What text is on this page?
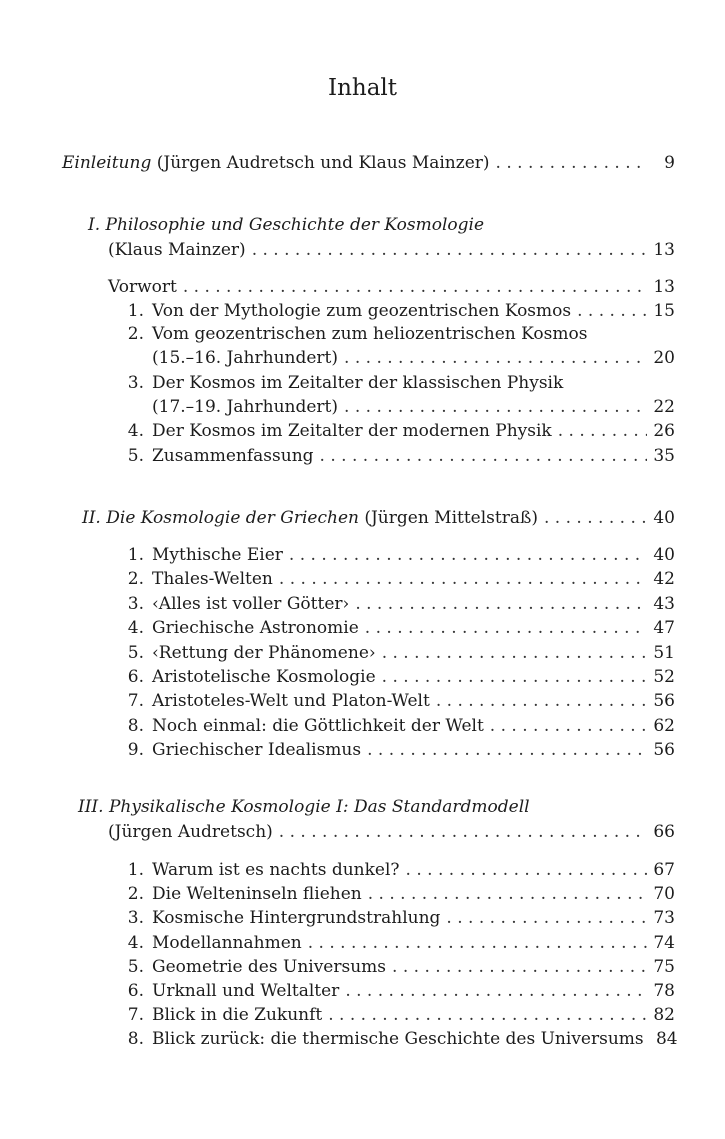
Inhalt
Einleitung (Jürgen Audretsch und Klaus Mainzer) . . .	9
I. Philosophie und Geschichte der Kosmologie
(Klaus Mainzer) . . .	13
Vorwort . . .	13
1. Von der Mythologie zum geozentrischen Kosmos . . .	15
2. Vom geozentrischen zum heliozentrischen Kosmos
(15.–16. Jahrhundert) . . .	20
3. Der Kosmos im Zeitalter der klassischen Physik
(17.–19. Jahrhundert) . . .	22
4. Der Kosmos im Zeitalter der modernen Physik . . .	26
5. Zusammenfassung . . .	35
II. Die Kosmologie der Griechen (Jürgen Mittelstraß) . . .	40
1. Mythische Eier . . .	40
2. Thales-Welten . . .	42
3. ‹Alles ist voller Götter› . . .	43
4. Griechische Astronomie . . .	47
5. ‹Rettung der Phänomene› . . .	51
6. Aristotelische Kosmologie . . .	52
7. Aristoteles-Welt und Platon-Welt . . .	56
8. Noch einmal: die Göttlichkeit der Welt . . .	62
9. Griechischer Idealismus . . .	56
III. Physikalische Kosmologie I: Das Standardmodell
(Jürgen Audretsch) . . .	66
1. Warum ist es nachts dunkel? . . .	67
2. Die Welteninseln fliehen . . .	70
3. Kosmische Hintergrundstrahlung . . .	73
4. Modellannahmen . . .	74
5. Geometrie des Universums . . .	75
6. Urknall und Weltalter . . .	78
7. Blick in die Zukunft . . .	82
8. Blick zurück: die thermische Geschichte des Universums 84
